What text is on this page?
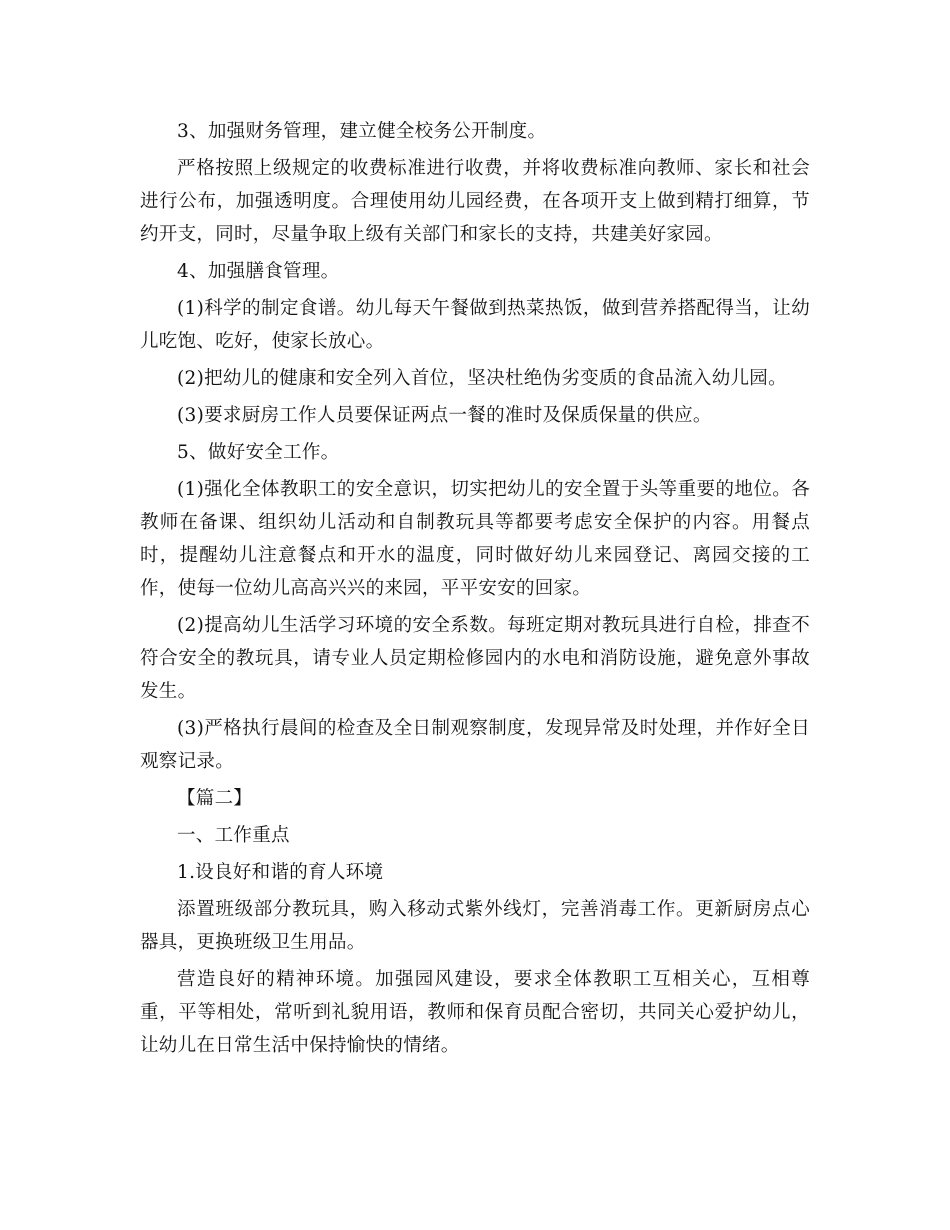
3、加强财务管理，建立健全校务公开制度。

严格按照上级规定的收费标准进行收费，并将收费标准向教师、家长和社会进行公布，加强透明度。合理使用幼儿园经费，在各项开支上做到精打细算，节约开支，同时，尽量争取上级有关部门和家长的支持，共建美好家园。

4、加强膳食管理。

(1)科学的制定食谱。幼儿每天午餐做到热菜热饭，做到营养搭配得当，让幼儿吃饱、吃好，使家长放心。

(2)把幼儿的健康和安全列入首位，坚决杜绝伪劣变质的食品流入幼儿园。

(3)要求厨房工作人员要保证两点一餐的准时及保质保量的供应。

5、做好安全工作。

(1)强化全体教职工的安全意识，切实把幼儿的安全置于头等重要的地位。各教师在备课、组织幼儿活动和自制教玩具等都要考虑安全保护的内容。用餐点时，提醒幼儿注意餐点和开水的温度，同时做好幼儿来园登记、离园交接的工作，使每一位幼儿高高兴兴的来园，平平安安的回家。

(2)提高幼儿生活学习环境的安全系数。每班定期对教玩具进行自检，排查不符合安全的教玩具，请专业人员定期检修园内的水电和消防设施，避免意外事故发生。

(3)严格执行晨间的检查及全日制观察制度，发现异常及时处理，并作好全日观察记录。

【篇二】

一、工作重点

1.设良好和谐的育人环境

添置班级部分教玩具，购入移动式紫外线灯，完善消毒工作。更新厨房点心器具，更换班级卫生用品。

营造良好的精神环境。加强园风建设，要求全体教职工互相关心，互相尊重，平等相处，常听到礼貌用语，教师和保育员配合密切，共同关心爱护幼儿，让幼儿在日常生活中保持愉快的情绪。
